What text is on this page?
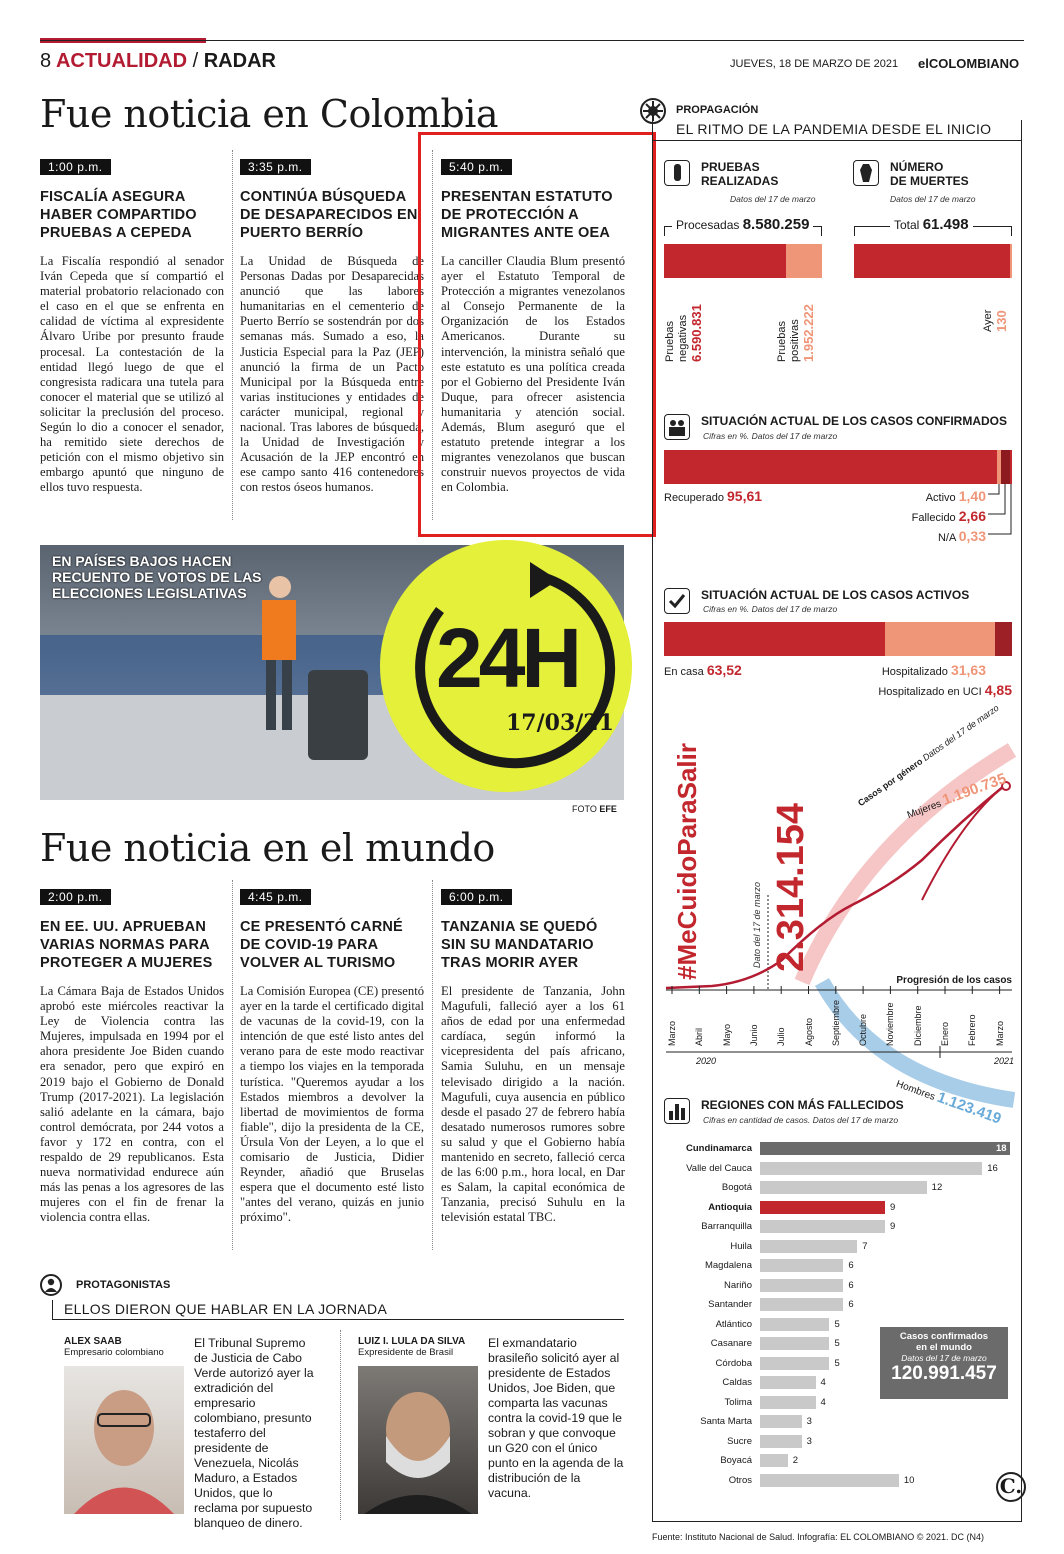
8 ACTUALIDAD / RADAR	JUEVES, 18 DE MARZO DE 2021 elCOLOMBIANO
Fue noticia en Colombia
1:00 p.m.
FISCALÍA ASEGURA HABER COMPARTIDO PRUEBAS A CEPEDA
La Fiscalía respondió al senador Iván Cepeda que sí compartió el material probatorio relacionado con el caso en el que se enfrenta en calidad de víctima al expresidente Álvaro Uribe por presunto fraude procesal. La contestación de la entidad llegó luego de que el congresista radicara una tutela para conocer el material que se utilizó al solicitar la preclusión del proceso. Según lo dio a conocer el senador, ha remitido siete derechos de petición con el mismo objetivo sin embargo apuntó que ninguno de ellos tuvo respuesta.
3:35 p.m.
CONTINÚA BÚSQUEDA DE DESAPARECIDOS EN PUERTO BERRÍO
La Unidad de Búsqueda de Personas Dadas por Desaparecidas anunció que las labores humanitarias en el cementerio de Puerto Berrío se sostendrán por dos semanas más. Sumado a eso, la Justicia Especial para la Paz (JEP) anunció la firma de un Pacto Municipal por la Búsqueda entre varias instituciones y entidades de carácter municipal, regional y nacional. Tras labores de búsqueda, la Unidad de Investigación y Acusación de la JEP encontró en ese campo santo 416 contenedores con restos óseos humanos.
5:40 p.m.
PRESENTAN ESTATUTO DE PROTECCIÓN A MIGRANTES ANTE OEA
La canciller Claudia Blum presentó ayer el Estatuto Temporal de Protección a migrantes venezolanos al Consejo Permanente de la Organización de los Estados Americanos. Durante su intervención, la ministra señaló que este estatuto es una política creada por el Gobierno del Presidente Iván Duque, para ofrecer asistencia humanitaria y atención social. Además, Blum aseguró que el estatuto pretende integrar a los migrantes venezolanos que buscan construir nuevos proyectos de vida en Colombia.
EN PAÍSES BAJOS HACEN RECUENTO DE VOTOS DE LAS ELECCIONES LEGISLATIVAS
24H
17/03/21
FOTO EFE
Fue noticia en el mundo
2:00 p.m.
EN EE. UU. APRUEBAN VARIAS NORMAS PARA PROTEGER A MUJERES
La Cámara Baja de Estados Unidos aprobó este miércoles reactivar la Ley de Violencia contra las Mujeres, impulsada en 1994 por el ahora presidente Joe Biden cuando era senador, pero que expiró en 2019 bajo el Gobierno de Donald Trump (2017-2021). La legislación salió adelante en la cámara, bajo control demócrata, por 244 votos a favor y 172 en contra, con el respaldo de 29 republicanos. Esta nueva normatividad endurece aún más las penas a los agresores de las mujeres con el fin de frenar la violencia contra ellas.
4:45 p.m.
CE PRESENTÓ CARNÉ DE COVID-19 PARA VOLVER AL TURISMO
La Comisión Europea (CE) presentó ayer en la tarde el certificado digital de vacunas de la covid-19, con la intención de que esté listo antes del verano para de este modo reactivar a tiempo los viajes en la temporada turística. "Queremos ayudar a los Estados miembros a devolver la libertad de movimientos de forma fiable", dijo la presidenta de la CE, Úrsula Von der Leyen, a lo que el comisario de Justicia, Didier Reynder, añadió que Bruselas espera que el documento esté listo "antes del verano, quizás en junio próximo".
6:00 p.m.
TANZANIA SE QUEDÓ SIN SU MANDATARIO TRAS MORIR AYER
El presidente de Tanzania, John Magufuli, falleció ayer a los 61 años de edad por una enfermedad cardíaca, según informó la vicepresidenta del país africano, Samia Suluhu, en un mensaje televisado dirigido a la nación. Magufuli, cuya ausencia en público desde el pasado 27 de febrero había desatado numerosos rumores sobre su salud y que el Gobierno había mantenido en secreto, falleció cerca de las 6:00 p.m., hora local, en Dar es Salam, la capital económica de Tanzania, precisó Suhulu en la televisión estatal TBC.
PROTAGONISTAS
ELLOS DIERON QUE HABLAR EN LA JORNADA
ALEX SAAB
Empresario colombiano
El Tribunal Supremo de Justicia de Cabo Verde autorizó ayer la extradición del empresario colombiano, presunto testaferro del presidente de Venezuela, Nicolás Maduro, a Estados Unidos, que lo reclama por supuesto blanqueo de dinero.
LUIZ I. LULA DA SILVA
Expresidente de Brasil
El exmandatario brasileño solicitó ayer al presidente de Estados Unidos, Joe Biden, que comparta las vacunas contra la covid-19 que le sobran y que convoque un G20 con el único punto en la agenda de la distribución de la vacuna.
PROPAGACIÓN
EL RITMO DE LA PANDEMIA DESDE EL INICIO
PRUEBAS
REALIZADAS
Datos del 17 de marzo
Procesadas 8.580.259
Pruebas negativas 6.590.831	Pruebas positivas 1.952.222
NÚMERO
DE MUERTES
Datos del 17 de marzo
Total 61.498
Ayer 130
SITUACIÓN ACTUAL DE LOS CASOS CONFIRMADOS
Cifras en %. Datos del 17 de marzo
Recuperado 95,61	Activo 1,40
Fallecido 2,66
N/A 0,33
SITUACIÓN ACTUAL DE LOS CASOS ACTIVOS
Cifras en %. Datos del 17 de marzo
En casa 63,52	Hospitalizado 31,63
Hospitalizado en UCI 4,85
#MeCuidoParaSalir 2.314.154
Dato del 17 de marzo
Casos por género Datos del 17 de marzo
Mujeres 1.190.735
Hombres 1.123.419
Progresión de los casos
2020	2021
Marzo Abril Mayo Junio Julio Agosto Septiembre Octubre Noviembre Diciembre Enero Febrero Marzo
REGIONES CON MÁS FALLECIDOS
Cifras en cantidad de casos. Datos del 17 de marzo
Cundinamarca	18
Valle del Cauca	16
Bogotá	12
Antioquia	9
Barranquilla	9
Huila	7
Magdalena	6
Nariño	6
Santander	6
Atlántico	5
Casanare	5
Córdoba	5
Caldas	4
Tolima	4
Santa Marta	3
Sucre	3
Boyacá	2
Otros	10
Casos confirmados
en el mundo
Datos del 17 de marzo
120.991.457
C.
Fuente: Instituto Nacional de Salud. Infografía: EL COLOMBIANO © 2021. DC (N4)
